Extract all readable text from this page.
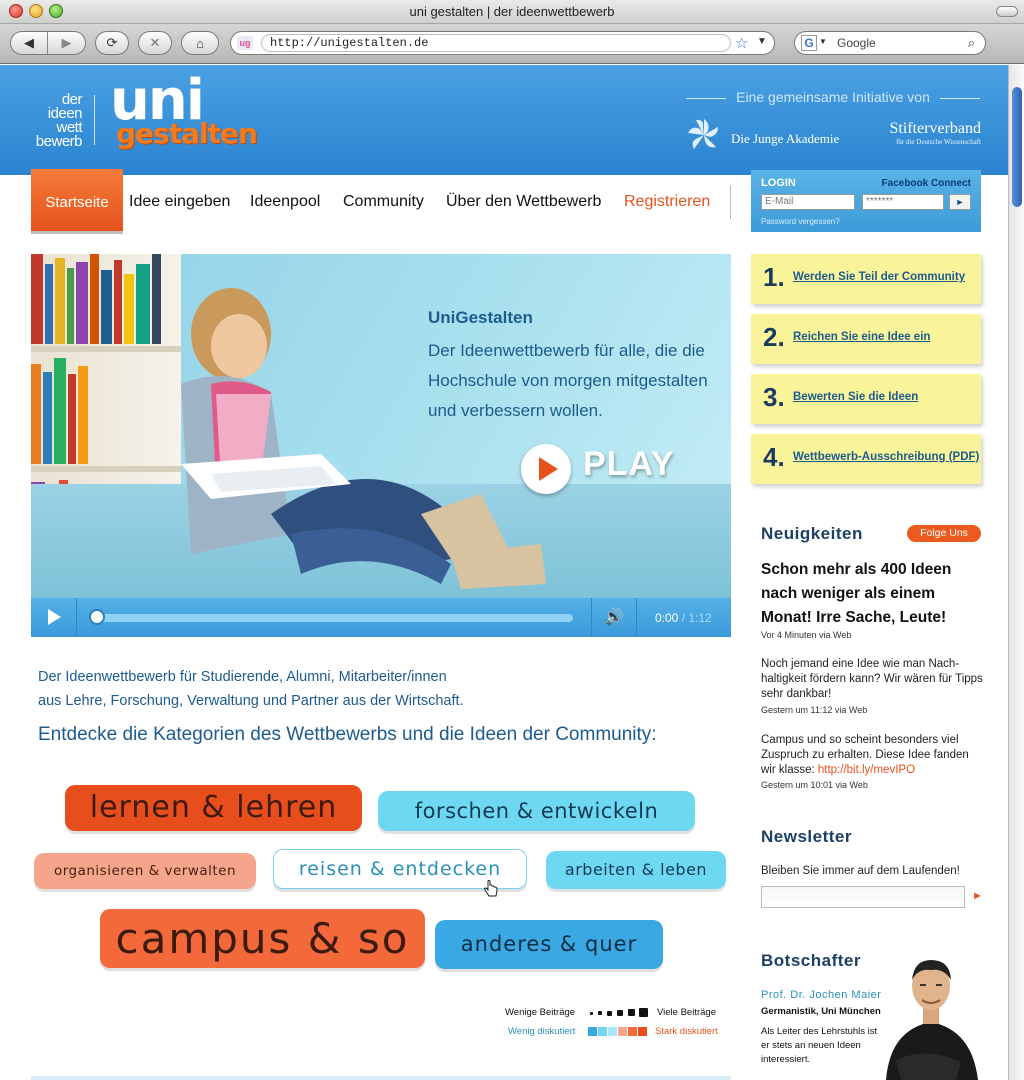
uni gestalten | der ideenwettbewerb
◀ ▶	⟳ ✕	⌂	ug	http://unigestalten.de	☆ ▼	G ▼ Google	⌕
der
ideen
wett
bewerb
uni
gestalten
Eine gemeinsame Initiative von
Die Junge Akademie
Stifterverband
für die Deutsche Wissenschaft
Startseite	Idee eingeben Ideenpool Community Über den Wettbewerb Registrieren
LOGIN	Facebook Connect
E-Mail	*******	►
Password vergessen?
UniGestalten
Der Ideenwettbewerb für alle, die die Hochschule von morgen mitgestalten und verbessern wollen.
PLAY
🔊	0:00 / 1:12
Der Ideenwettbewerb für Studierende, Alumni, Mitarbeiter/innen
aus Lehre, Forschung, Verwaltung und Partner aus der Wirtschaft.
Entdecke die Kategorien des Wettbewerbs und die Ideen der Community:
lernen & lehren	forschen & entwickeln
organisieren & verwalten	reisen & entdecken	arbeiten & leben
campus & so	anderes & quer
Wenige Beiträge	Viele Beiträge
Wenig diskutiert	Stark diskutiert
1. Werden Sie Teil der Community
2. Reichen Sie eine Idee ein
3. Bewerten Sie die Ideen
4. Wettbewerb-Ausschreibung (PDF)
Neuigkeiten	Folge Uns
Schon mehr als 400 Ideen nach weniger als einem Monat! Irre Sache, Leute!
Vor 4 Minuten via Web
Noch jemand eine Idee wie man Nach-haltigkeit fördern kann? Wir wären für Tipps sehr dankbar!
Gestern um 11:12 via Web
Campus und so scheint besonders viel Zuspruch zu erhalten. Diese Idee fanden wir klasse: http://bit.ly/mevIPO
Gestern um 10:01 via Web
Newsletter
Bleiben Sie immer auf dem Laufenden!
►
Botschafter
Prof. Dr. Jochen Maier
Germanistik, Uni München
Als Leiter des Lehrstuhls ist er stets an neuen Ideen interessiert.
